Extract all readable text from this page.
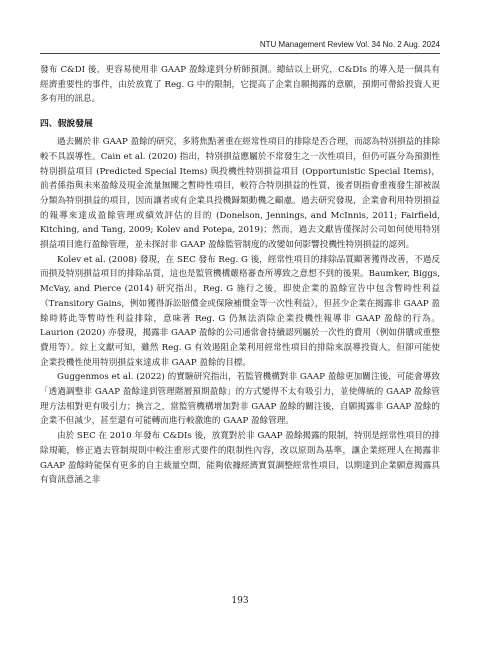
NTU Management Review Vol. 34 No. 2 Aug. 2024

發布 C&DI 後，更容易使用非 GAAP 盈餘達到分析師預測。總結以上研究，C&DIs 的導入是一個具有經濟重要性的事件，由於放寬了 Reg. G 中的限制，它提高了企業自願揭露的意願，預期可帶給投資人更多有用的訊息。

四、假說發展

過去關於非 GAAP 盈餘的研究，多將焦點著重在經常性項目的排除是否合理，而認為特別損益的排除較不具誤導性。Cain et al. (2020) 指出，特別損益應屬於不常發生之一次性項目，但仍可區分為預測性特別損益項目 (Predicted Special Items) 與投機性特別損益項目 (Opportunistic Special Items)，前者係指與未來盈餘及現金流量無關之暫時性項目，較符合特別損益的性質，後者則指會重複發生卻被誤分類為特別損益的項目，因而讓者或有企業具投機歸類動機之顧慮。過去研究發現，企業會利用特別損益的報導來達成盈餘管理或績效評估的目的 (Donelson, Jennings, and McInnis, 2011; Fairfield, Kitching, and Tang, 2009; Kolev and Potepa, 2019)；然而，過去文獻皆僅探討公司如何使用特別損益項目進行盈餘管理，並未探討非 GAAP 盈餘監管制度的改變如何影響投機性特別損益的認列。

Kolev et al. (2008) 發現，在 SEC 發布 Reg. G 後，經常性項目的排除品質顯著獲得改善，不過反而損及特別損益項目的排除品質，這也是監管機構嚴格審查所導致之意想不到的後果。Baumker, Biggs, McVay, and Pierce (2014) 研究指出，Reg. G 施行之後，即使企業的盈餘宣告中包含暫時性利益（Transitory Gains，例如獲得訴訟賠償金或保險補償金等一次性利益），但甚少企業在揭露非 GAAP 盈餘時將此等暫時性利益排除，意味著 Reg. G 仍無法消除企業投機性報導非 GAAP 盈餘的行為。Laurion (2020) 亦發現，揭露非 GAAP 盈餘的公司通常會持續認列屬於一次性的費用（例如併購或重整費用等）。綜上文獻可知，雖然 Reg. G 有效遏阻企業利用經常性項目的排除來誤導投資人，但卻可能使企業投機性使用特別損益來達成非 GAAP 盈餘的目標。

Guggenmos et al. (2022) 的實驗研究指出，若監管機構對非 GAAP 盈餘更加關注後，可能會導致「透過調整非 GAAP 盈餘達到管理階層預期盈餘」的方式變得不太有吸引力，並使傳統的 GAAP 盈餘管理方法相對更有吸引力；換言之，當監管機構增加對非 GAAP 盈餘的關注後，自願揭露非 GAAP 盈餘的企業不但減少，甚至還有可能轉而進行較激進的 GAAP 盈餘管理。

由於 SEC 在 2010 年發布 C&DIs 後，放寬對於非 GAAP 盈餘揭露的限制，特別是經常性項目的排除規範，修正過去管制規則中較注重形式要件的限制性內容，改以原則為基準，讓企業經理人在揭露非 GAAP 盈餘時能保有更多的自主裁量空間，能夠依據經濟實質調整經常性項目，以期達到企業願意揭露具有資訊意涵之非

193
